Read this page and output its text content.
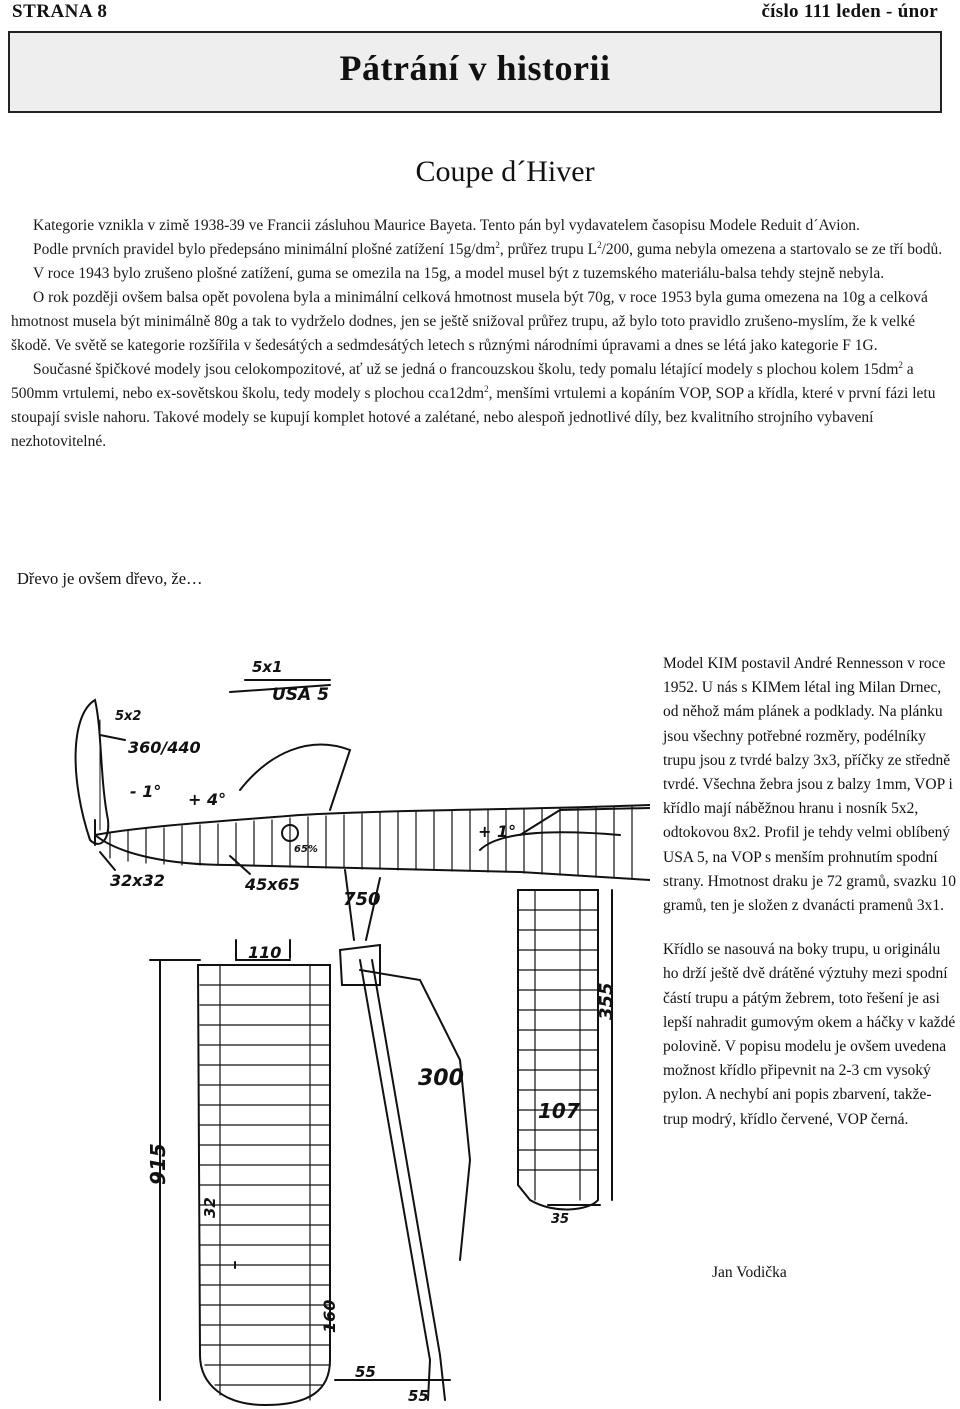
STRANA 8	číslo 111 leden - únor
Pátrání v historii
Coupe d´Hiver

Kategorie vznikla v zimě 1938-39 ve Francii zásluhou Maurice Bayeta. Tento pán byl vydavatelem časopisu Modele Reduit d´Avion.

Podle prvních pravidel bylo předepsáno minimální plošné zatížení $15g/dm^2$, průřez trupu $L^2/200$, guma nebyla omezena a startovalo se ze tří bodů.

V roce 1943 bylo zrušeno plošné zatížení, guma se omezila na 15g, a model musel být z tuzemského materiálu-balsa tehdy stejně nebyla.

O rok později ovšem balsa opět povolena byla a minimální celková hmotnost musela být 70g, v roce 1953 byla guma omezena na 10g a celková hmotnost musela být minimálně 80g a tak to vydrželo dodnes, jen se ještě snižoval průřez trupu, až bylo toto pravidlo zrušeno-myslím, že k velké škodě. Ve světě se kategorie rozšířila v šedesátých a sedmdesátých letech s různými národními úpravami a dnes se létá jako kategorie F 1G.

Současné špičkové modely jsou celokompozitové, ať už se jedná o francouzskou školu, tedy pomalu létající modely s plochou kolem $15dm^2$ a 500mm vrtulemi, nebo ex-sovětskou školu, tedy modely s plochou $cca12dm^2$, menšími vrtulemi a kopáním VOP, SOP a křídla, které v první fázi letu stoupají svisle nahoru. Takové modely se kupují komplet hotové a zalétané, nebo alespoň jednotlivé díly, bez kvalitního strojního vybavení nezhotovitelné.

Dřevo je ovšem dřevo, že…
5x1
USA 5
5x2
360/440
- 1° + 4°
+ 1°
65%
32x32	45x65
750
110
915
32
160
355
300
107
35
55
55

Model KIM postavil André Rennesson v roce 1952. U nás s KIMem létal ing Milan Drnec, od něhož mám plánek a podklady. Na plánku jsou všechny potřebné rozměry, podélníky trupu jsou z tvrdé balzy 3x3, příčky ze středně tvrdé. Všechna žebra jsou z balzy 1mm, VOP i křídlo mají náběžnou hranu i nosník 5x2, odtokovou 8x2. Profil je tehdy velmi oblíbený USA 5, na VOP s menším prohnutím spodní strany. Hmotnost draku je 72 gramů, svazku 10 gramů, ten je složen z dvanácti pramenů 3x1.

Křídlo se nasouvá na boky trupu, u originálu ho drží ještě dvě drátěné výztuhy mezi spodní částí trupu a pátým žebrem, toto řešení je asi lepší nahradit gumovým okem a háčky v každé polovině. V popisu modelu je ovšem uvedena možnost křídlo připevnit na 2-3 cm vysoký pylon. A nechybí ani popis zbarvení, takže- trup modrý, křídlo červené, VOP černá.

Jan Vodička
